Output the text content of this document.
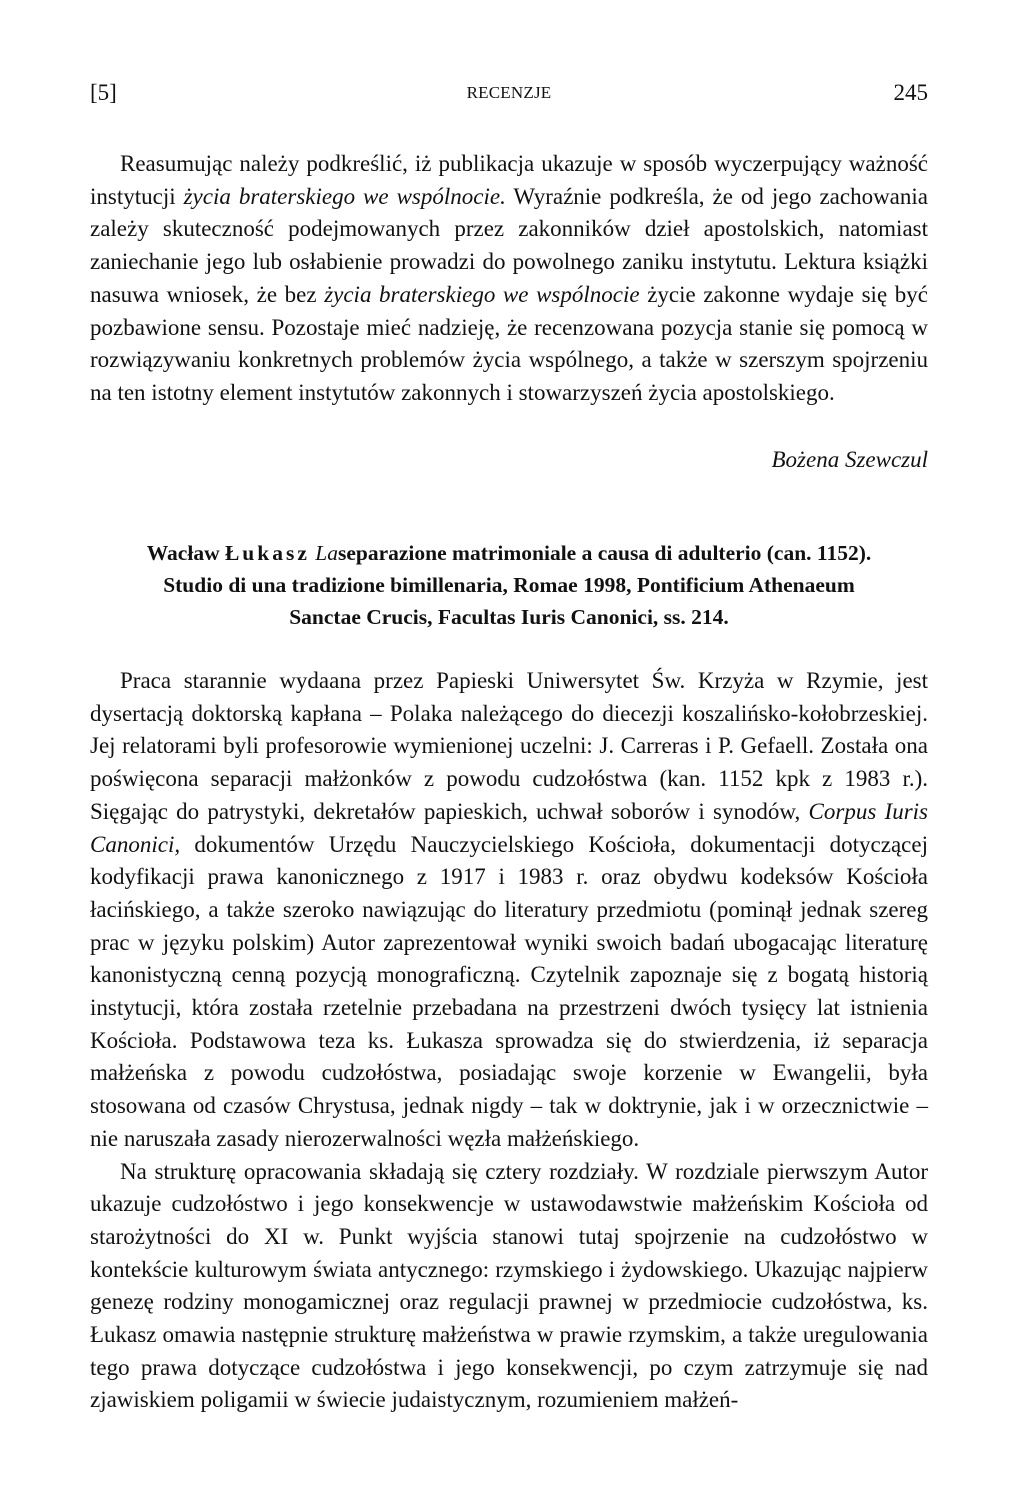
[5]	RECENZJE	245

Reasumując należy podkreślić, iż publikacja ukazuje w sposób wyczerpujący ważność instytucji życia braterskiego we wspólnocie. Wyraźnie podkreśla, że od jego zachowania zależy skuteczność podejmowanych przez zakonników dzieł apostolskich, natomiast zaniechanie jego lub osłabienie prowadzi do powolnego zaniku instytutu. Lektura książki nasuwa wniosek, że bez życia braterskiego we wspólnocie życie zakonne wydaje się być pozbawione sensu. Pozostaje mieć nadzieję, że recenzowana pozycja stanie się pomocą w rozwiązywaniu konkretnych problemów życia wspólnego, a także w szerszym spojrzeniu na ten istotny element instytutów zakonnych i stowarzyszeń życia apostolskiego.

Bożena Szewczul
Wacław Łukasz Laseparazione matrimoniale a causa di adulterio (can. 1152).
Studio di una tradizione bimillenaria, Romae 1998, Pontificium Athenaeum
Sanctae Crucis, Facultas Iuris Canonici, ss. 214.

Praca starannie wydaana przez Papieski Uniwersytet Św. Krzyża w Rzymie, jest dysertacją doktorską kapłana – Polaka należącego do diecezji koszalińsko-kołobrzeskiej. Jej relatorami byli profesorowie wymienionej uczelni: J. Carreras i P. Gefaell. Została ona poświęcona separacji małżonków z powodu cudzołóstwa (kan. 1152 kpk z 1983 r.). Sięgając do patrystyki, dekretałów papieskich, uchwał soborów i synodów, Corpus Iuris Canonici, dokumentów Urzędu Nauczycielskiego Kościoła, dokumentacji dotyczącej kodyfikacji prawa kanonicznego z 1917 i 1983 r. oraz obydwu kodeksów Kościoła łacińskiego, a także szeroko nawiązując do literatury przedmiotu (pominął jednak szereg prac w języku polskim) Autor zaprezentował wyniki swoich badań ubogacając literaturę kanonistyczną cenną pozycją monograficzną. Czytelnik zapoznaje się z bogatą historią instytucji, która została rzetelnie przebadana na przestrzeni dwóch tysięcy lat istnienia Kościoła. Podstawowa teza ks. Łukasza sprowadza się do stwierdzenia, iż separacja małżeńska z powodu cudzołóstwa, posiadając swoje korzenie w Ewangelii, była stosowana od czasów Chrystusa, jednak nigdy – tak w doktrynie, jak i w orzecznictwie – nie naruszała zasady nierozerwalności węzła małżeńskiego.

Na strukturę opracowania składają się cztery rozdziały. W rozdziale pierwszym Autor ukazuje cudzołóstwo i jego konsekwencje w ustawodawstwie małżeńskim Kościoła od starożytności do XI w. Punkt wyjścia stanowi tutaj spojrzenie na cudzołóstwo w kontekście kulturowym świata antycznego: rzymskiego i żydowskiego. Ukazując najpierw genezę rodziny monogamicznej oraz regulacji prawnej w przedmiocie cudzołóstwa, ks. Łukasz omawia następnie strukturę małżeństwa w prawie rzymskim, a także uregulowania tego prawa dotyczące cudzołóstwa i jego konsekwencji, po czym zatrzymuje się nad zjawiskiem poligamii w świecie judaistycznym, rozumieniem małżeń-
